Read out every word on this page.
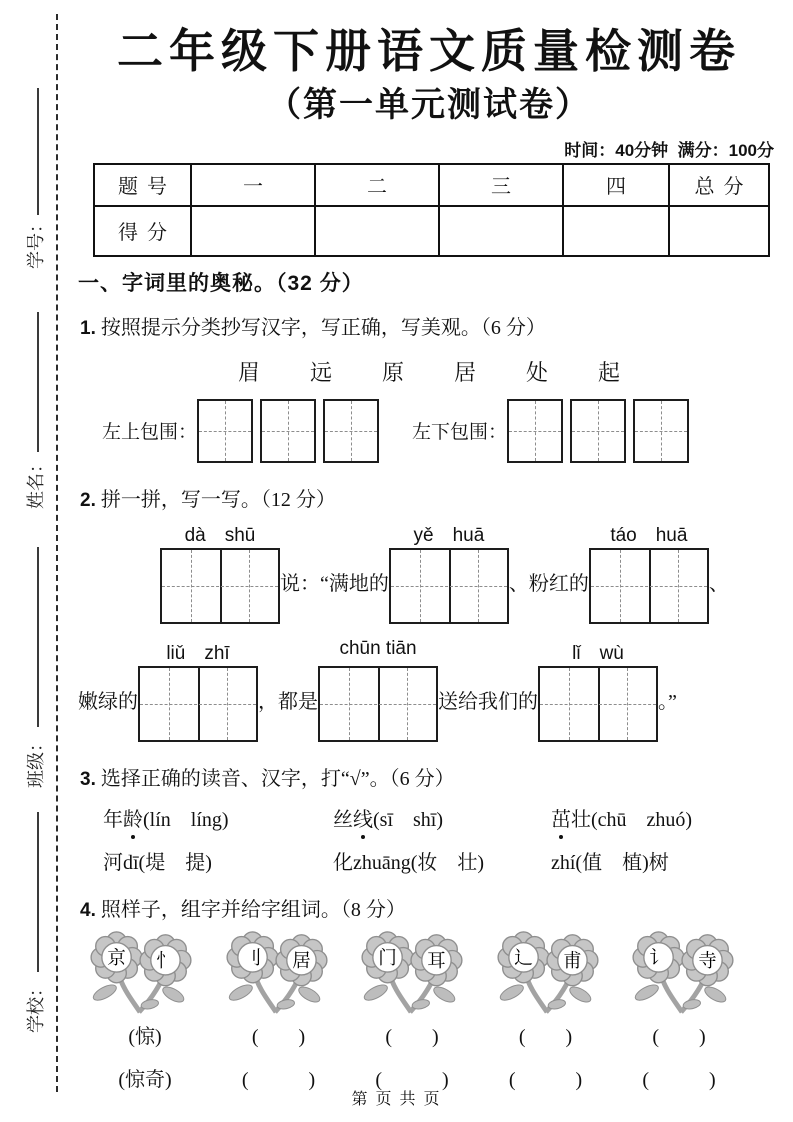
学号：
姓名：
班级：
学校：
二年级下册语文质量检测卷
（第一单元测试卷）
时间：40分钟  满分：100分
题号	一	二	三	四	总分
得分					
一、字词里的奥秘。（32 分）
1. 按照提示分类抄写汉字，写正确，写美观。（6 分）
眉 远 原 居 处 起
左上包围：	左下包围：
2. 拼一拼，写一写。（12 分）
dà　shū
说：“满地的
yě　huā
、粉红的
táo　huā
、
嫩绿的
liǔ　zhī
，都是
chūn tiān
送给我们的
lǐ　wù
。”
3. 选择正确的读音、汉字，打“√”。（6 分）
年龄(lín　líng)	丝线(sī　shī)	茁壮(chū　zhuó)
河dī(堤　提)	化zhuāng(妆　壮)	zhí(值　植)树
4. 照样子，组字并给字组词。（8 分）
京 忄	刂 居	门 耳	辶 甫	讠 寺
(惊)	(　　)	(　　)	(　　)	(　　)
(惊奇)	(　　　)	(　　　)	(　　　)	(　　　)
第 页 共 页
